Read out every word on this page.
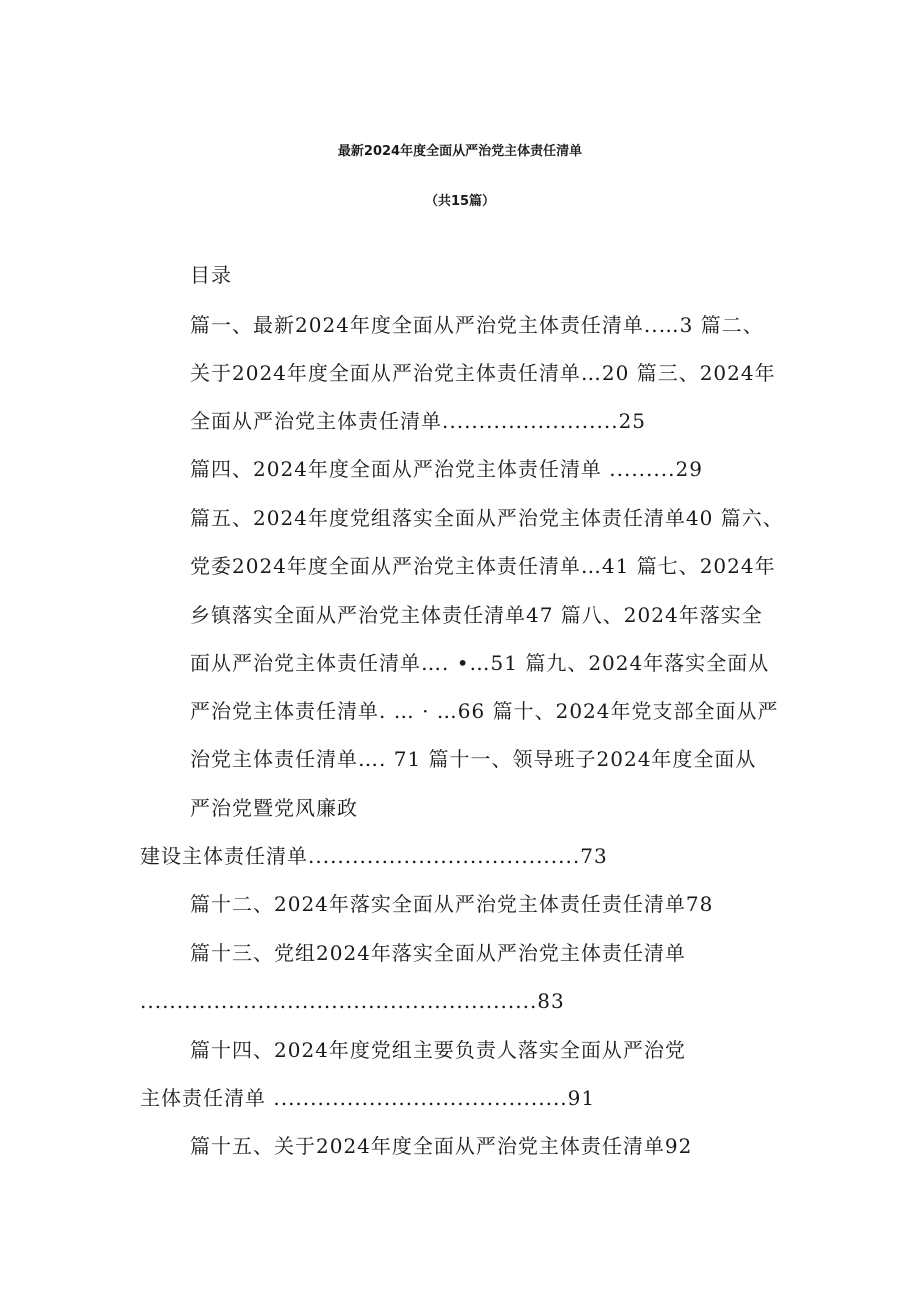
最新2024年度全面从严治党主体责任清单
（共15篇）
目录
篇一、最新2024年度全面从严治党主体责任清单..…3 篇二、
关于2024年度全面从严治党主体责任清单…20 篇三、2024年
全面从严治党主体责任清单........................25
篇四、2024年度全面从严治党主体责任清单 .........29
篇五、2024年度党组落实全面从严治党主体责任清单40 篇六、
党委2024年度全面从严治党主体责任清单…41 篇七、2024年
乡镇落实全面从严治党主体责任清单47 篇八、2024年落实全
面从严治党主体责任清单…. •…51 篇九、2024年落实全面从
严治党主体责任清单. … · …66 篇十、2024年党支部全面从严
治党主体责任清单…. 71 篇十一、领导班子2024年度全面从
严治党暨党风廉政
建设主体责任清单.....................................73
篇十二、2024年落实全面从严治党主体责任责任清单78
篇十三、党组2024年落实全面从严治党主体责任清单
......................................................83
篇十四、2024年度党组主要负责人落实全面从严治党
主体责任清单 ........................................91
篇十五、关于2024年度全面从严治党主体责任清单92
